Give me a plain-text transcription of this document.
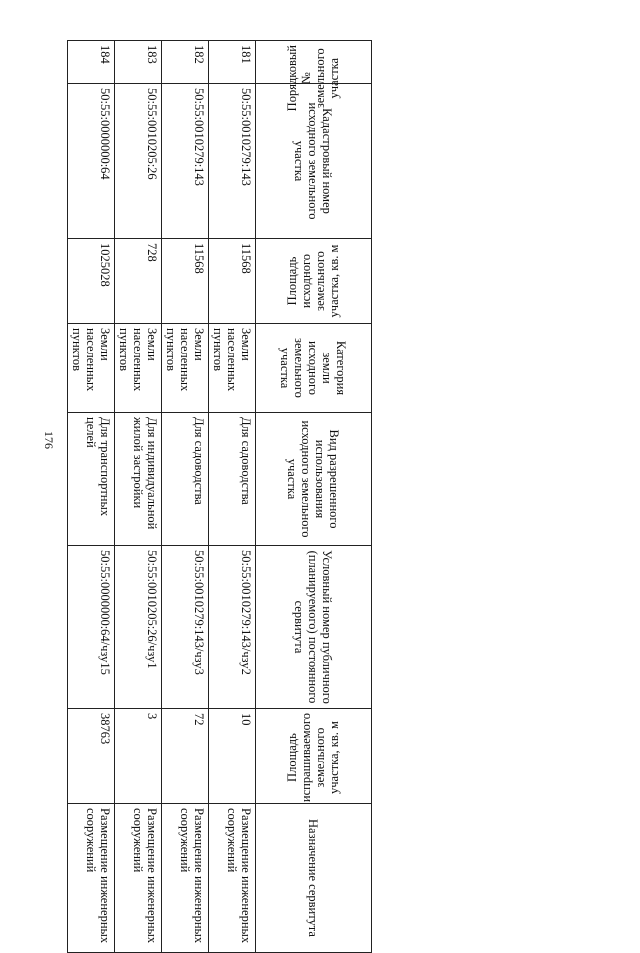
176
Порядковый № земельного участка	Кадастровый номер исходного земельного участка	Площадь исходного земельного участка, кв. м	Категория земли исходного земельного участка	Вид разрешенного использования исходного земельного участка	Условный номер публичного (планируемого) постоянного сервитута	Площадь испрашиваемого земельного участка, кв. м	Назначение сервитута
181	50:55:0010279:143	11568	Земли населенных пунктов	Для садоводства	50:55:0010279:143/чзу2	10	Размещение инженерных сооружений
182	50:55:0010279:143	11568	Земли населенных пунктов	Для садоводства	50:55:0010279:143/чзу3	72	Размещение инженерных сооружений
183	50:55:0010205:26	728	Земли населенных пунктов	Для индивидуальной жилой застройки	50:55:0010205:26/чзу1	3	Размещение инженерных сооружений
184	50:55:0000000:64	1025028	Земли населенных пунктов	Для транспортных целей	50:55:0000000:64/чзу15	38763	Размещение инженерных сооружений
